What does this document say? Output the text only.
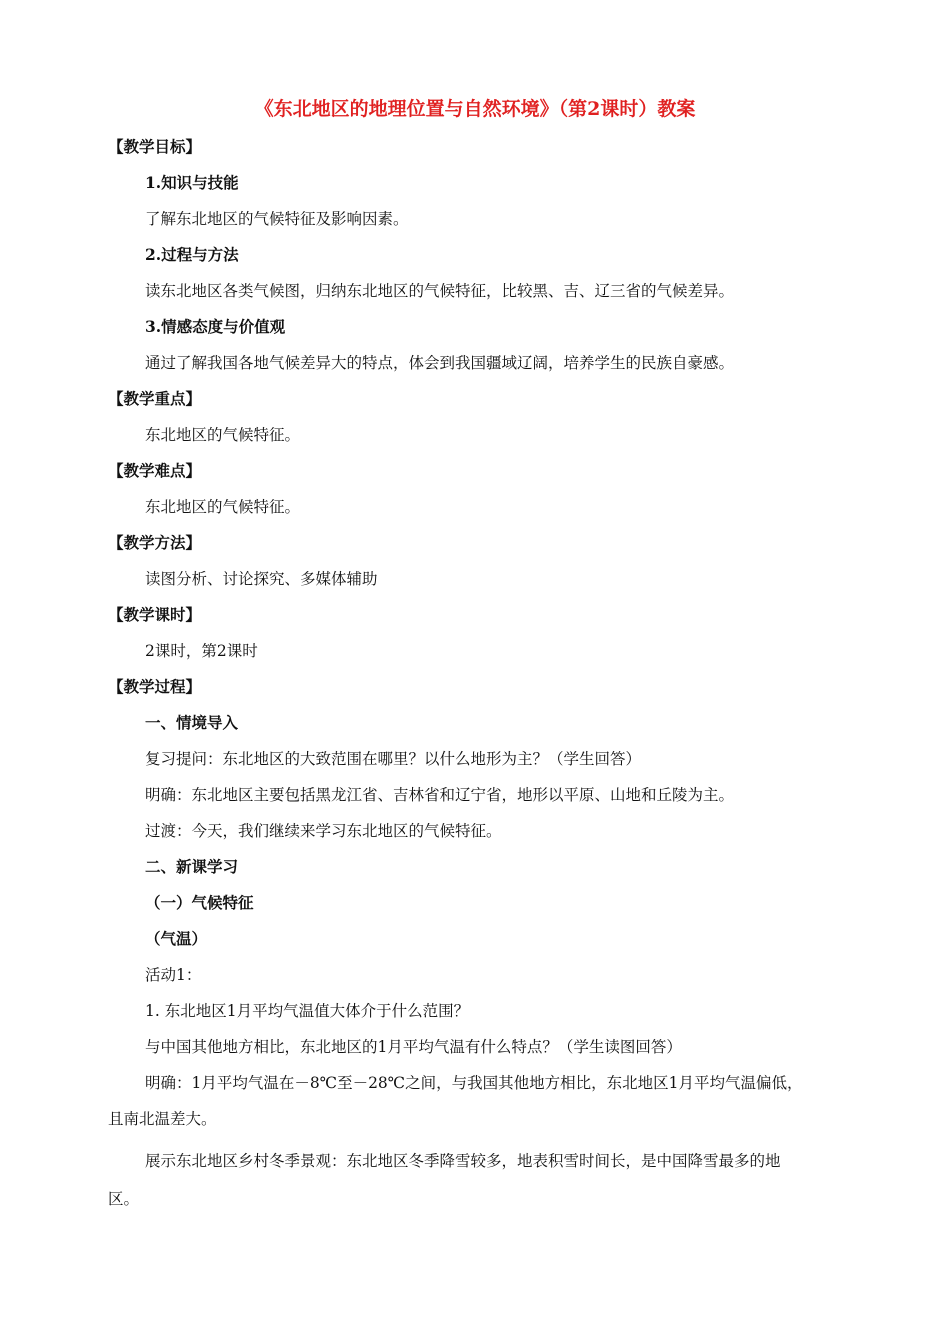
《东北地区的地理位置与自然环境》（第2课时）教案
【教学目标】
1.知识与技能
了解东北地区的气候特征及影响因素。
2.过程与方法
读东北地区各类气候图，归纳东北地区的气候特征，比较黑、吉、辽三省的气候差异。
3.情感态度与价值观
通过了解我国各地气候差异大的特点，体会到我国疆域辽阔，培养学生的民族自豪感。
【教学重点】
东北地区的气候特征。
【教学难点】
东北地区的气候特征。
【教学方法】
读图分析、讨论探究、多媒体辅助
【教学课时】
2课时，第2课时
【教学过程】
一、情境导入
复习提问：东北地区的大致范围在哪里？以什么地形为主？（学生回答）
明确：东北地区主要包括黑龙江省、吉林省和辽宁省，地形以平原、山地和丘陵为主。
过渡：今天，我们继续来学习东北地区的气候特征。
二、新课学习
（一）气候特征
（气温）
活动1：
1. 东北地区1月平均气温值大体介于什么范围？
与中国其他地方相比，东北地区的1月平均气温有什么特点？（学生读图回答）
明确：1月平均气温在－8℃至－28℃之间，与我国其他地方相比，东北地区1月平均气温偏低，
且南北温差大。
展示东北地区乡村冬季景观：东北地区冬季降雪较多，地表积雪时间长，是中国降雪最多的地
区。
